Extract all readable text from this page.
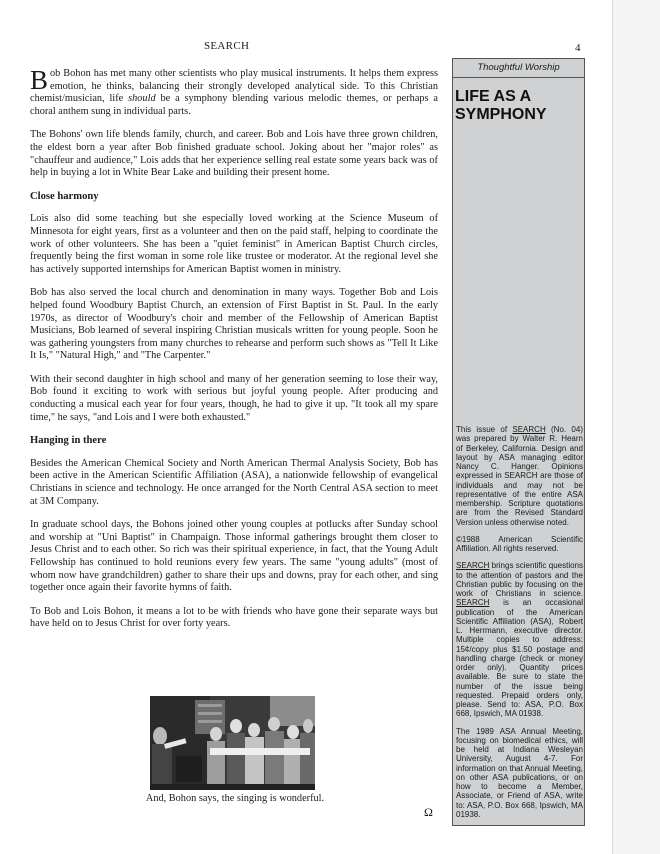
SEARCH	4

Bob Bohon has met many other scientists who play musical instruments. It helps them express emotion, he thinks, balancing their strongly developed analytical side. To this Christian chemist/musician, life should be a symphony blending various melodic themes, or perhaps a choral anthem sung in individual parts.

The Bohons' own life blends family, church, and career. Bob and Lois have three grown children, the eldest born a year after Bob finished graduate school. Joking about her "major roles" as "chauffeur and audience," Lois adds that her experience selling real estate some years back was of help in buying a lot in White Bear Lake and building their present home.

Close harmony

Lois also did some teaching but she especially loved working at the Science Museum of Minnesota for eight years, first as a volunteer and then on the paid staff, helping to coordinate the work of other volunteers. She has been a "quiet feminist" in American Baptist Church circles, frequently being the first woman in some role like trustee or moderator. At the regional level she has actively supported internships for American Baptist women in ministry.

Bob has also served the local church and denomination in many ways. Together Bob and Lois helped found Woodbury Baptist Church, an extension of First Baptist in St. Paul. In the early 1970s, as director of Woodbury's choir and member of the Fellowship of American Baptist Musicians, Bob learned of several inspiring Christian musicals written for young people. Soon he was gathering youngsters from many churches to rehearse and perform such shows as "Tell It Like It Is," "Natural High," and "The Carpenter."

With their second daughter in high school and many of her generation seeming to lose their way, Bob found it exciting to work with serious but joyful young people. After producing and conducting a musical each year for four years, though, he had to give it up. "It took all my spare time," he says, "and Lois and I were both exhausted."

Hanging in there

Besides the American Chemical Society and North American Thermal Analysis Society, Bob has been active in the American Scientific Affiliation (ASA), a nationwide fellowship of evangelical Christians in science and technology. He once arranged for the North Central ASA section to meet at 3M Company.

In graduate school days, the Bohons joined other young couples at potlucks after Sunday school and worship at "Uni Baptist" in Champaign. Those informal gatherings brought them closer to Jesus Christ and to each other. So rich was their spiritual experience, in fact, that the Young Adult Fellowship has continued to hold reunions every few years. The same "young adults" (most of whom now have grandchildren) gather to share their ups and downs, pray for each other, and sing together once again their favorite hymns of faith.

To Bob and Lois Bohon, it means a lot to be with friends who have gone their separate ways but have held on to Jesus Christ for over forty years.

And, Bohon says, the singing is wonderful.
Ω
Thoughtful Worship
LIFE AS A
SYMPHONY

This issue of SEARCH (No. 04) was prepared by Walter R. Hearn of Berkeley, California. Design and layout by ASA managing editor Nancy C. Hanger. Opinions expressed in SEARCH are those of individuals and may not be representative of the entire ASA membership. Scripture quotations are from the Revised Standard Version unless otherwise noted.

©1988 American Scientific Affiliation. All rights reserved.

SEARCH brings scientific questions to the attention of pastors and the Christian public by focusing on the work of Christians in science. SEARCH is an occasional publication of the American Scientific Affiliation (ASA), Robert L. Herrmann, executive director. Multiple copies to address: 15¢/copy plus $1.50 postage and handling charge (check or money order only). Quantity prices available. Be sure to state the number of the issue being requested. Prepaid orders only, please. Send to: ASA, P.O. Box 668, Ipswich, MA 01938.

The 1989 ASA Annual Meeting, focusing on biomedical ethics, will be held at Indiana Wesleyan University, August 4-7. For information on that Annual Meeting, on other ASA publications, or on how to become a Member, Associate, or Friend of ASA, write to: ASA, P.O. Box 668, Ipswich, MA 01938.
